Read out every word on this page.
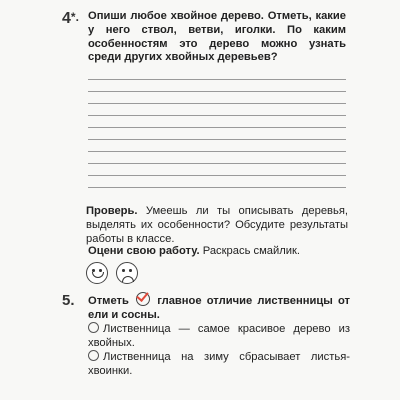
4*. Опиши любое хвойное дерево. Отметь, какие у него ствол, ветви, иголки. По каким особенностям это дерево можно узнать среди других хвойных деревьев?
Проверь. Умеешь ли ты описывать деревья, выделять их особенности? Обсудите результаты работы в классе.
Оцени свою работу. Раскрась смайлик.
5. Отметь	главное отличие лиственницы от ели и сосны.
Лиственница — самое красивое дерево из хвойных.
Лиственница на зиму сбрасывает листья-хвоинки.
